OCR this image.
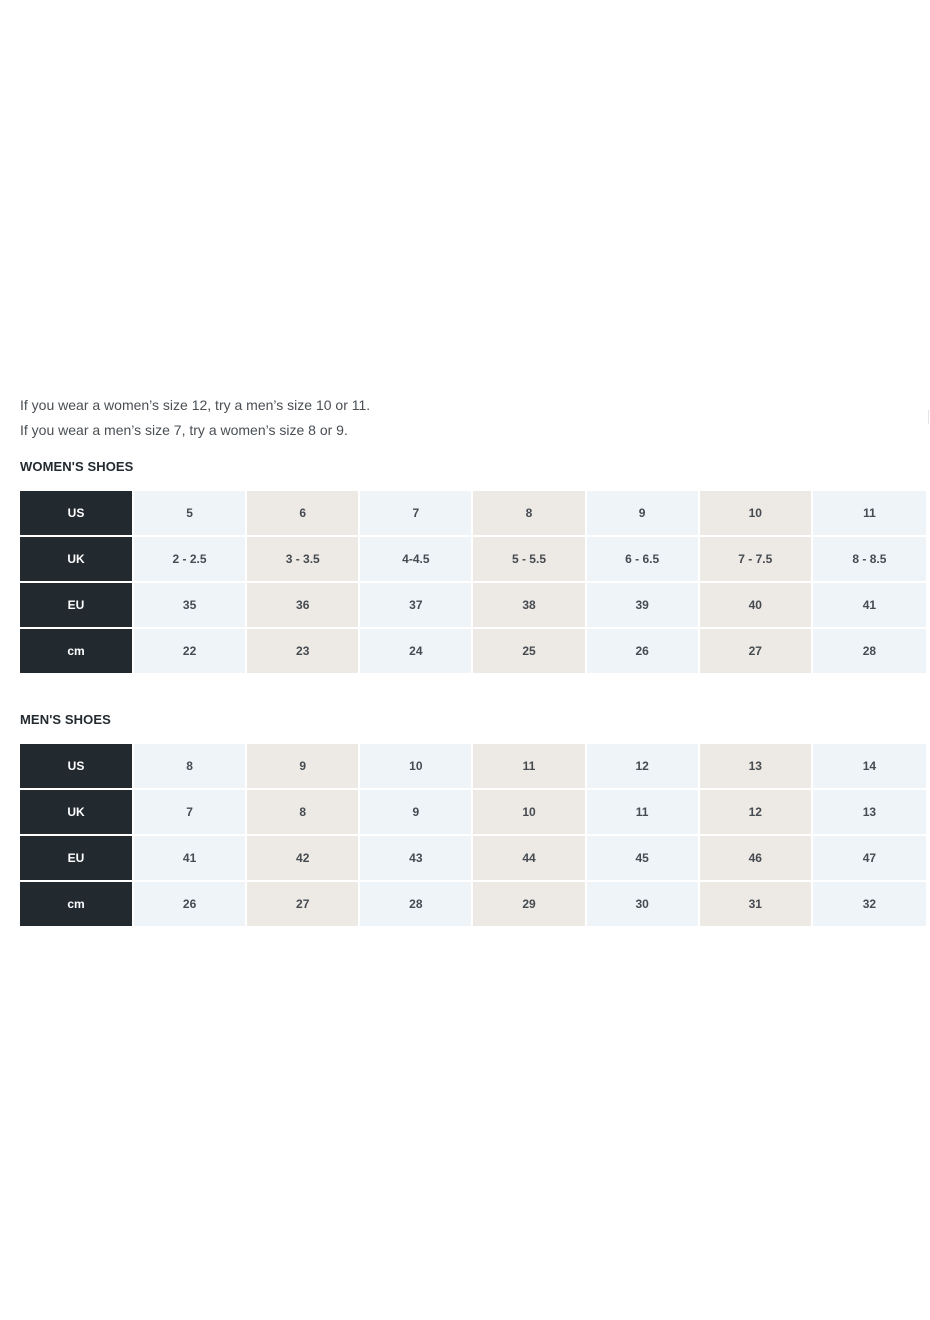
If you wear a women’s size 12, try a men’s size 10 or 11.

If you wear a men’s size 7, try a women’s size 8 or 9.

WOMEN'S SHOES
US	5	6	7	8	9	10	11
UK	2 - 2.5	3 - 3.5	4-4.5	5 - 5.5	6 - 6.5	7 - 7.5	8 - 8.5
EU	35	36	37	38	39	40	41
cm	22	23	24	25	26	27	28
MEN'S SHOES
US	8	9	10	11	12	13	14
UK	7	8	9	10	11	12	13
EU	41	42	43	44	45	46	47
cm	26	27	28	29	30	31	32
